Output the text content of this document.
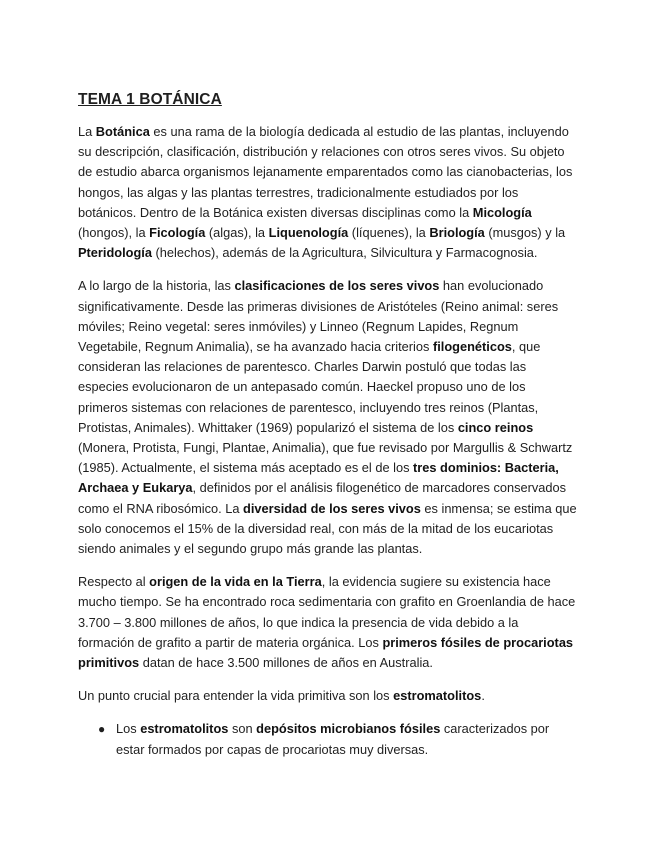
TEMA 1 BOTÁNICA

La Botánica es una rama de la biología dedicada al estudio de las plantas, incluyendo su descripción, clasificación, distribución y relaciones con otros seres vivos. Su objeto de estudio abarca organismos lejanamente emparentados como las cianobacterias, los hongos, las algas y las plantas terrestres, tradicionalmente estudiados por los botánicos. Dentro de la Botánica existen diversas disciplinas como la Micología (hongos), la Ficología (algas), la Liquenología (líquenes), la Briología (musgos) y la Pteridología (helechos), además de la Agricultura, Silvicultura y Farmacognosia.

A lo largo de la historia, las clasificaciones de los seres vivos han evolucionado significativamente. Desde las primeras divisiones de Aristóteles (Reino animal: seres móviles; Reino vegetal: seres inmóviles) y Linneo (Regnum Lapides, Regnum Vegetabile, Regnum Animalia), se ha avanzado hacia criterios filogenéticos, que consideran las relaciones de parentesco. Charles Darwin postuló que todas las especies evolucionaron de un antepasado común. Haeckel propuso uno de los primeros sistemas con relaciones de parentesco, incluyendo tres reinos (Plantas, Protistas, Animales). Whittaker (1969) popularizó el sistema de los cinco reinos (Monera, Protista, Fungi, Plantae, Animalia), que fue revisado por Margullis & Schwartz (1985). Actualmente, el sistema más aceptado es el de los tres dominios: Bacteria, Archaea y Eukarya, definidos por el análisis filogenético de marcadores conservados como el RNA ribosómico. La diversidad de los seres vivos es inmensa; se estima que solo conocemos el 15% de la diversidad real, con más de la mitad de los eucariotas siendo animales y el segundo grupo más grande las plantas.

Respecto al origen de la vida en la Tierra, la evidencia sugiere su existencia hace mucho tiempo. Se ha encontrado roca sedimentaria con grafito en Groenlandia de hace 3.700 – 3.800 millones de años, lo que indica la presencia de vida debido a la formación de grafito a partir de materia orgánica. Los primeros fósiles de procariotas primitivos datan de hace 3.500 millones de años en Australia.

Un punto crucial para entender la vida primitiva son los estromatolitos.

● Los estromatolitos son depósitos microbianos fósiles caracterizados por estar formados por capas de procariotas muy diversas.
